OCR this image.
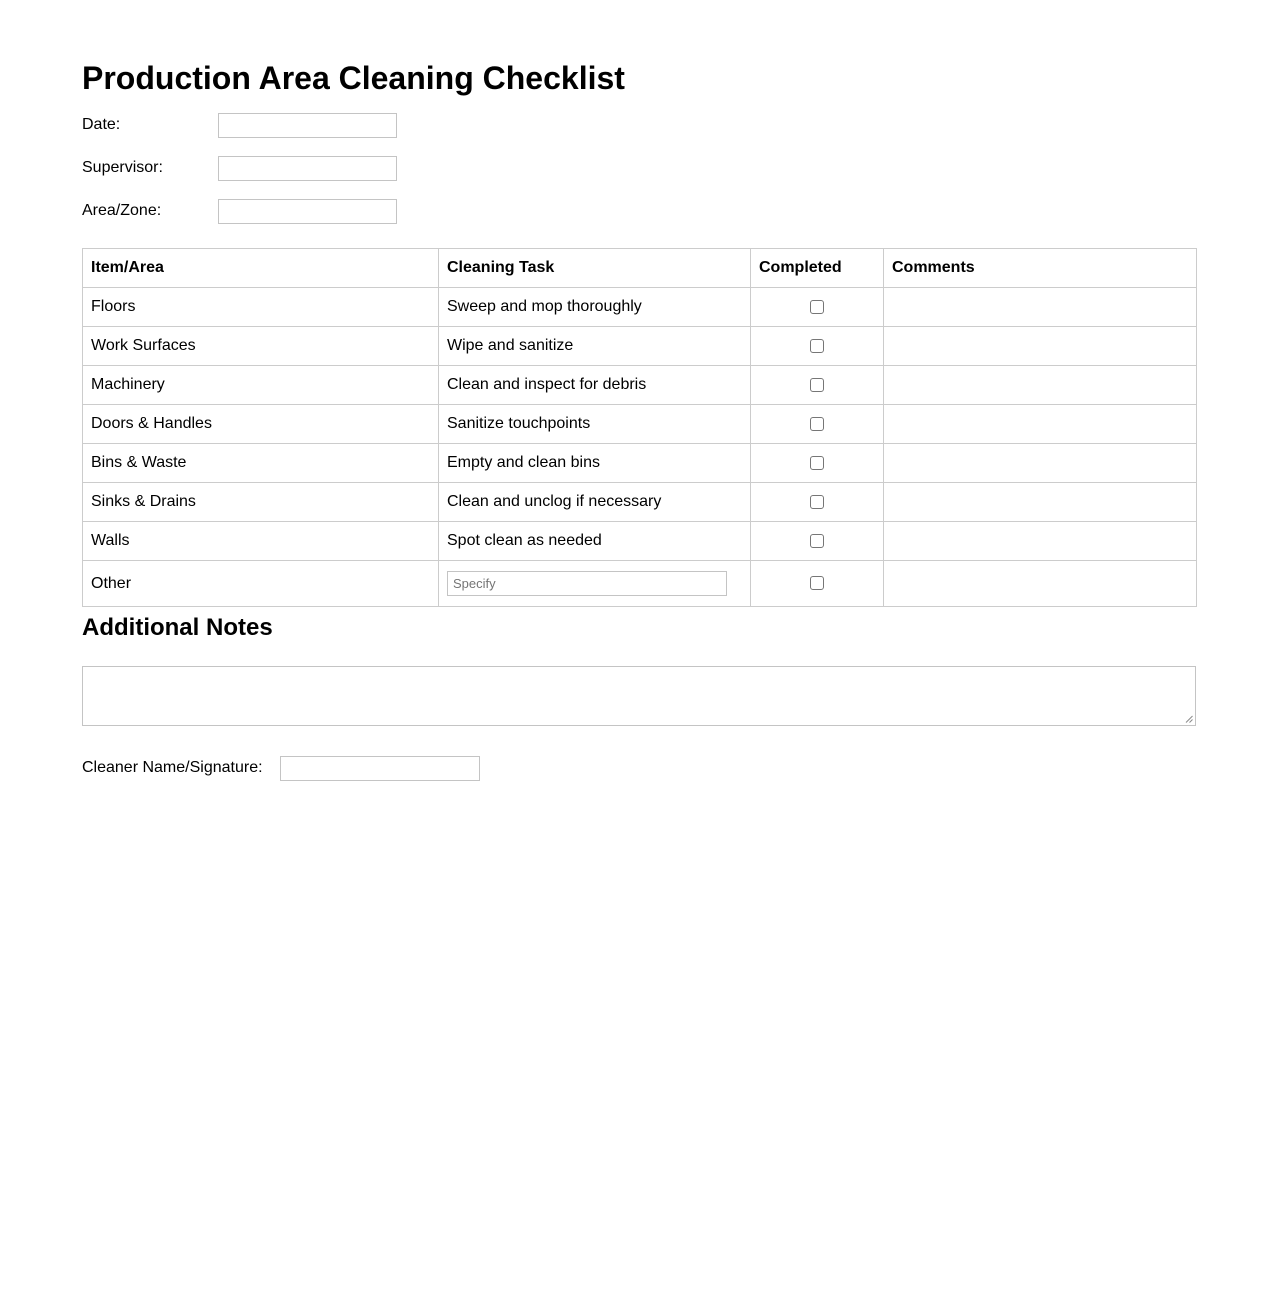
Production Area Cleaning Checklist
Date:
Supervisor:
Area/Zone:
Item/Area	Cleaning Task	Completed	Comments
Floors	Sweep and mop thoroughly		
Work Surfaces	Wipe and sanitize		
Machinery	Clean and inspect for debris		
Doors & Handles	Sanitize touchpoints		
Bins & Waste	Empty and clean bins		
Sinks & Drains	Clean and unclog if necessary		
Walls	Spot clean as needed		
Other	Specify		
Additional Notes
Cleaner Name/Signature:
